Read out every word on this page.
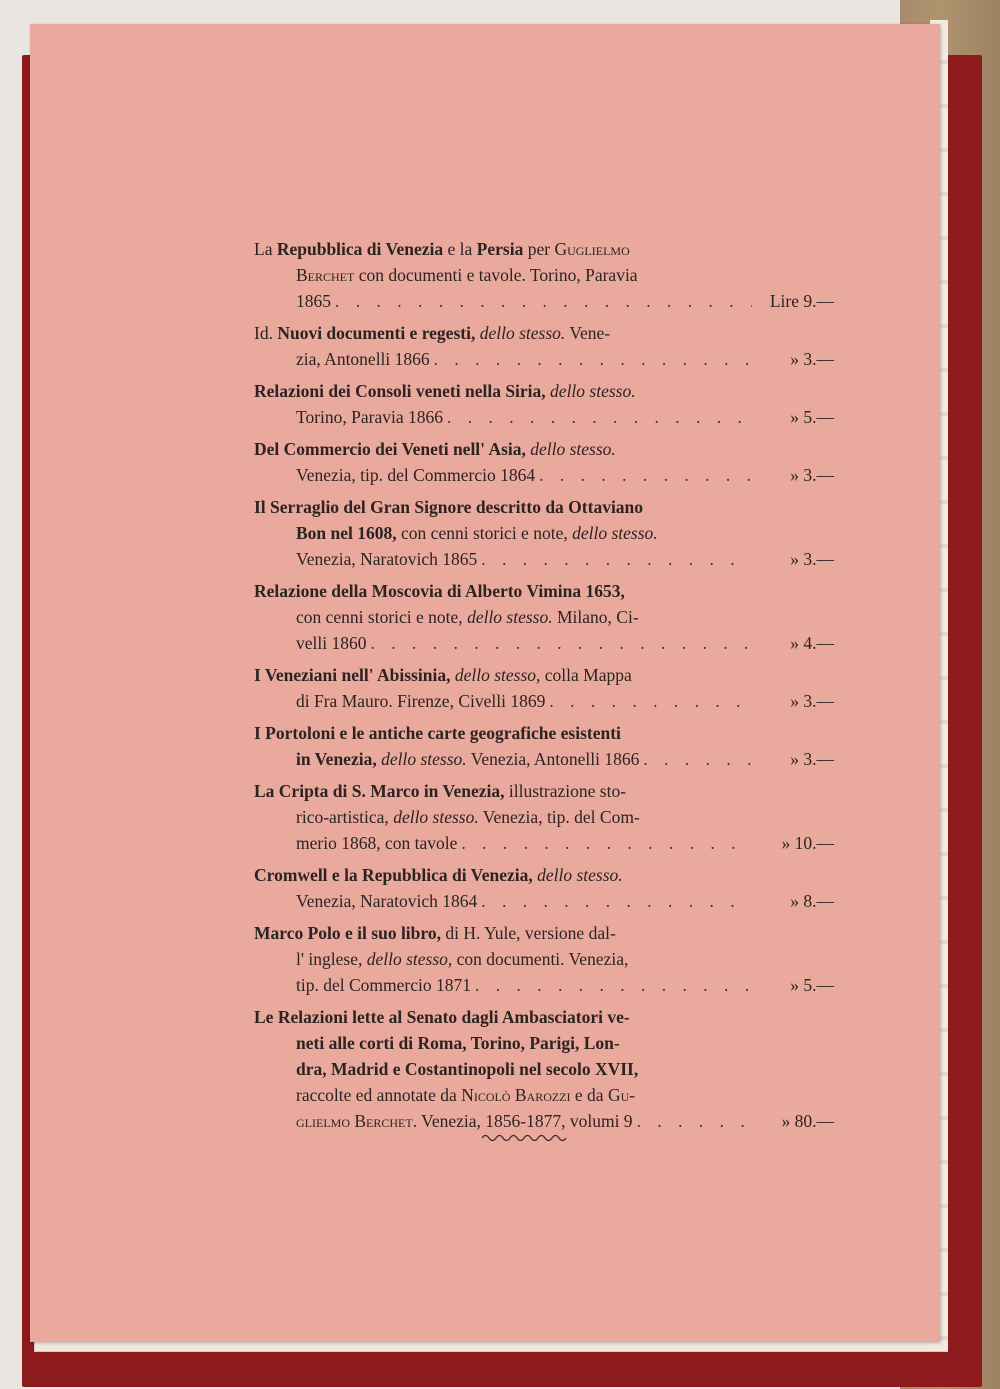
La Repubblica di Venezia e la Persia per Guglielmo
Berchet con documenti e tavole. Torino, Paravia
1865 . . .	Lire 9.—
Id. Nuovi documenti e regesti, dello stesso. Vene-
zia, Antonelli 1866 . . .	» 3.—
Relazioni dei Consoli veneti nella Siria, dello stesso.
Torino, Paravia 1866 . . .	» 5.—
Del Commercio dei Veneti nell' Asia, dello stesso.
Venezia, tip. del Commercio 1864 . . .	» 3.—
Il Serraglio del Gran Signore descritto da Ottaviano
Bon nel 1608, con cenni storici e note, dello stesso.
Venezia, Naratovich 1865 . . .	» 3.—
Relazione della Moscovia di Alberto Vimina 1653,
con cenni storici e note, dello stesso. Milano, Ci-
velli 1860 . . .	» 4.—
I Veneziani nell' Abissinia, dello stesso, colla Mappa
di Fra Mauro. Firenze, Civelli 1869 . . .	» 3.—
I Portoloni e le antiche carte geografiche esistenti
in Venezia, dello stesso. Venezia, Antonelli 1866 . . .	» 3.—
La Cripta di S. Marco in Venezia, illustrazione sto-
rico-artistica, dello stesso. Venezia, tip. del Com-
merio 1868, con tavole . . .	» 10.—
Cromwell e la Repubblica di Venezia, dello stesso.
Venezia, Naratovich 1864 . . .	» 8.—
Marco Polo e il suo libro, di H. Yule, versione dal-
l' inglese, dello stesso, con documenti. Venezia,
tip. del Commercio 1871 . . .	» 5.—
Le Relazioni lette al Senato dagli Ambasciatori ve-
neti alle corti di Roma, Torino, Parigi, Lon-
dra, Madrid e Costantinopoli nel secolo XVII,
raccolte ed annotate da Nicolò Barozzi e da Gu-
glielmo Berchet. Venezia, 1856-1877, volumi 9 . . .	» 80.—
